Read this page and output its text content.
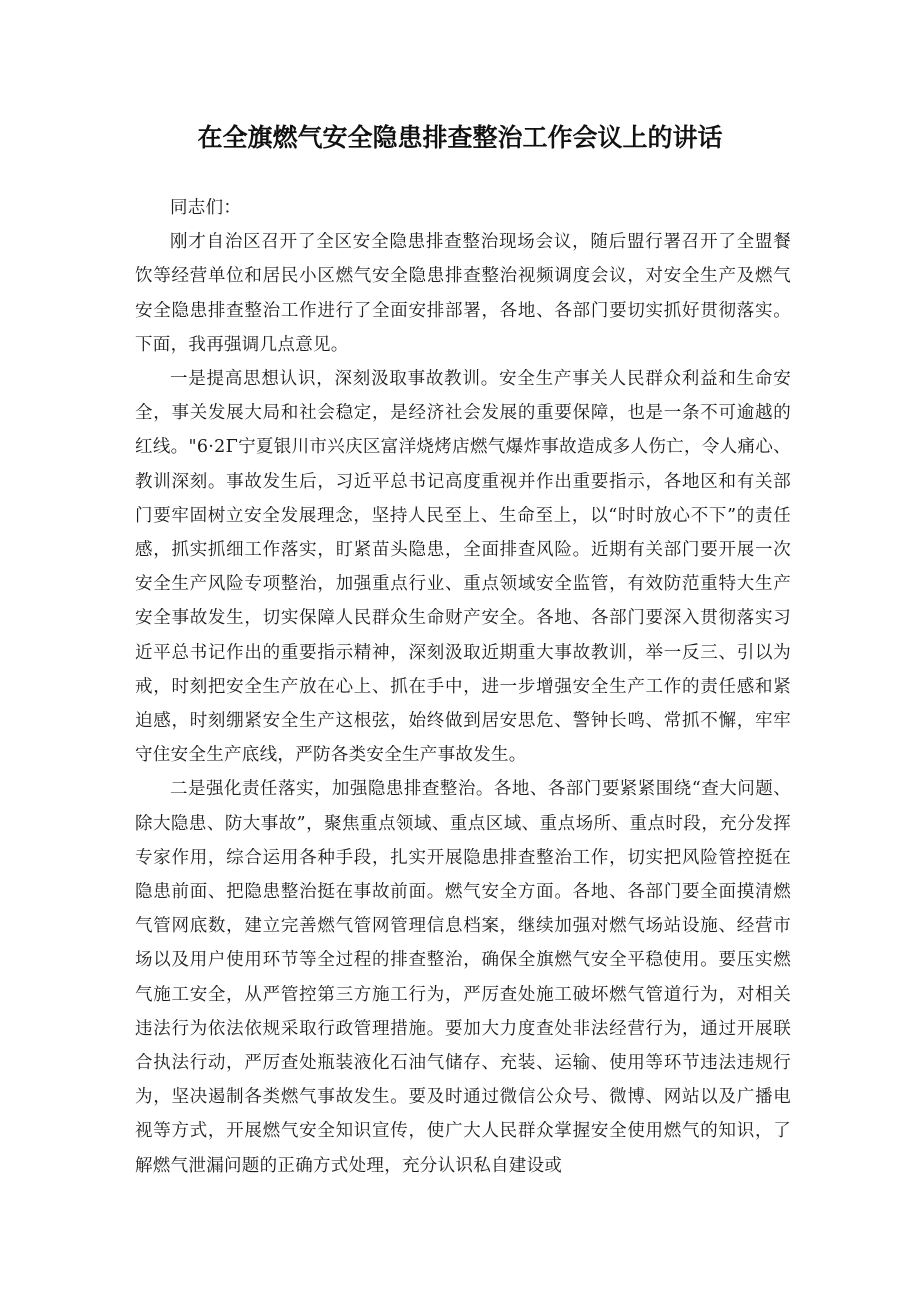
在全旗燃气安全隐患排查整治工作会议上的讲话

同志们：

刚才自治区召开了全区安全隐患排查整治现场会议，随后盟行署召开了全盟餐饮等经营单位和居民小区燃气安全隐患排查整治视频调度会议，对安全生产及燃气安全隐患排查整治工作进行了全面安排部署，各地、各部门要切实抓好贯彻落实。下面，我再强调几点意见。

一是提高思想认识，深刻汲取事故教训。安全生产事关人民群众利益和生命安全，事关发展大局和社会稳定，是经济社会发展的重要保障，也是一条不可逾越的红线。"6·2Γ宁夏银川市兴庆区富洋烧烤店燃气爆炸事故造成多人伤亡，令人痛心、教训深刻。事故发生后，习近平总书记高度重视并作出重要指示，各地区和有关部门要牢固树立安全发展理念，坚持人民至上、生命至上，以“时时放心不下”的责任感，抓实抓细工作落实，盯紧苗头隐患，全面排查风险。近期有关部门要开展一次安全生产风险专项整治，加强重点行业、重点领域安全监管，有效防范重特大生产安全事故发生，切实保障人民群众生命财产安全。各地、各部门要深入贯彻落实习近平总书记作出的重要指示精神，深刻汲取近期重大事故教训，举一反三、引以为戒，时刻把安全生产放在心上、抓在手中，进一步增强安全生产工作的责任感和紧迫感，时刻绷紧安全生产这根弦，始终做到居安思危、警钟长鸣、常抓不懈，牢牢守住安全生产底线，严防各类安全生产事故发生。

二是强化责任落实，加强隐患排查整治。各地、各部门要紧紧围绕“查大问题、除大隐患、防大事故”，聚焦重点领域、重点区域、重点场所、重点时段，充分发挥专家作用，综合运用各种手段，扎实开展隐患排查整治工作，切实把风险管控挺在隐患前面、把隐患整治挺在事故前面。燃气安全方面。各地、各部门要全面摸清燃气管网底数，建立完善燃气管网管理信息档案，继续加强对燃气场站设施、经营市场以及用户使用环节等全过程的排查整治，确保全旗燃气安全平稳使用。要压实燃气施工安全，从严管控第三方施工行为，严厉查处施工破坏燃气管道行为，对相关违法行为依法依规采取行政管理措施。要加大力度查处非法经营行为，通过开展联合执法行动，严厉查处瓶装液化石油气储存、充装、运输、使用等环节违法违规行为，坚决遏制各类燃气事故发生。要及时通过微信公众号、微博、网站以及广播电视等方式，开展燃气安全知识宣传，使广大人民群众掌握安全使用燃气的知识，了解燃气泄漏问题的正确方式处理，充分认识私自建设或
